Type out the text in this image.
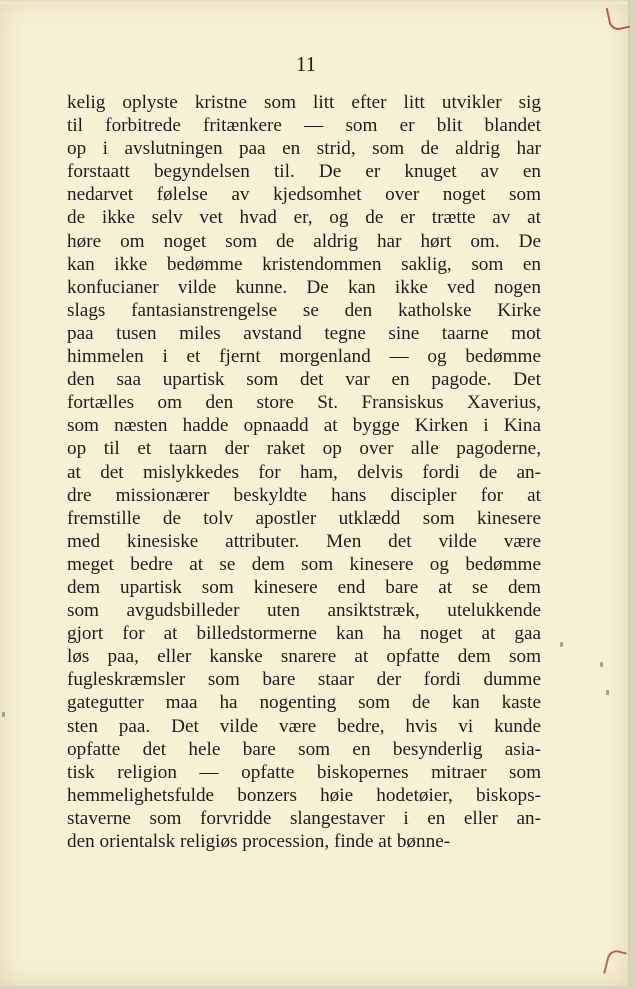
11
kelig oplyste kristne som litt efter litt utvikler sig
til forbitrede fritænkere — som er blit blandet
op i avslutningen paa en strid, som de aldrig har
forstaatt begyndelsen til. De er knuget av en
nedarvet følelse av kjedsomhet over noget som
de ikke selv vet hvad er, og de er trætte av at
høre om noget som de aldrig har hørt om. De
kan ikke bedømme kristendommen saklig, som en
konfucianer vilde kunne. De kan ikke ved nogen
slags fantasianstrengelse se den katholske Kirke
paa tusen miles avstand tegne sine taarne mot
himmelen i et fjernt morgenland — og bedømme
den saa upartisk som det var en pagode. Det
fortælles om den store St. Fransiskus Xaverius,
som næsten hadde opnaadd at bygge Kirken i Kina
op til et taarn der raket op over alle pagoderne,
at det mislykkedes for ham, delvis fordi de an-
dre missionærer beskyldte hans discipler for at
fremstille de tolv apostler utklædd som kinesere
med kinesiske attributer. Men det vilde være
meget bedre at se dem som kinesere og bedømme
dem upartisk som kinesere end bare at se dem
som avgudsbilleder uten ansiktstræk, utelukkende
gjort for at billedstormerne kan ha noget at gaa
løs paa, eller kanske snarere at opfatte dem som
fugleskræmsler som bare staar der fordi dumme
gategutter maa ha nogenting som de kan kaste
sten paa. Det vilde være bedre, hvis vi kunde
opfatte det hele bare som en besynderlig asia-
tisk religion — opfatte biskopernes mitraer som
hemmelighetsfulde bonzers høie hodetøier, biskops-
staverne som forvridde slangestaver i en eller an-
den orientalsk religiøs procession, finde at bønne-
